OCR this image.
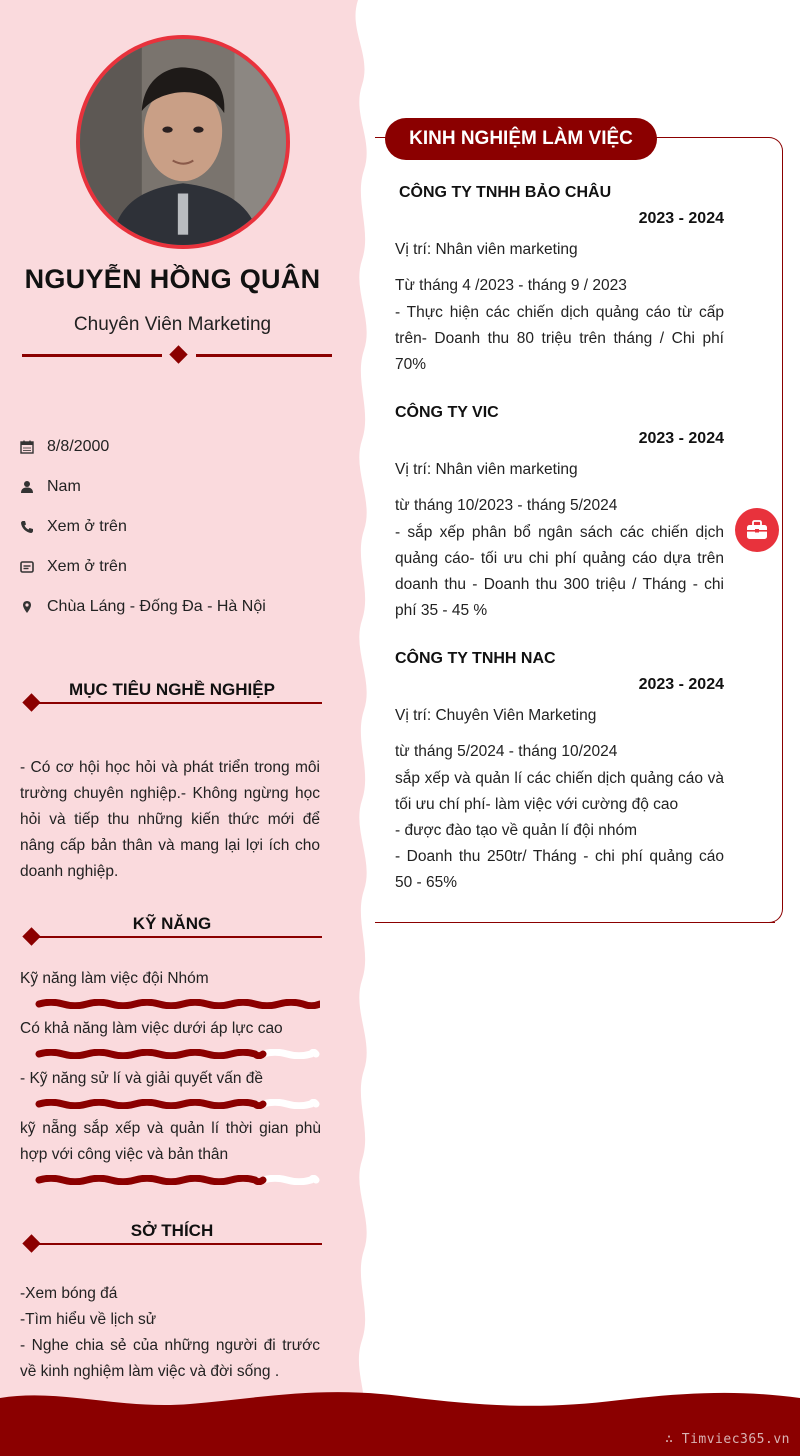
NGUYỄN HỒNG QUÂN
Chuyên Viên Marketing
8/8/2000
Nam
Xem ở trên
Xem ở trên
Chùa Láng - Đống Đa - Hà Nội
MỤC TIÊU NGHỀ NGHIỆP
- Có cơ hội học hỏi và phát triển trong môi trường chuyên nghiệp.- Không ngừng học hỏi và tiếp thu những kiến thức mới để nâng cấp bản thân và mang lại lợi ích cho doanh nghiệp.
KỸ NĂNG
Kỹ năng làm việc đội Nhóm
Có khả năng làm việc dưới áp lực cao
- Kỹ năng sử lí và giải quyết vấn đề
kỹ nẵng sắp xếp và quản lí thời gian phù hợp với công việc và bản thân
SỞ THÍCH
-Xem bóng đá
-Tìm hiểu về lịch sử
- Nghe chia sẻ của những người đi trước về kinh nghiệm làm việc và đời sống .
KINH NGHIỆM LÀM VIỆC
CÔNG TY TNHH BẢO CHÂU
2023 - 2024
Vị trí: Nhân viên marketing
Từ tháng 4 /2023 - tháng 9 / 2023
- Thực hiện các chiến dịch quảng cáo từ cấp trên- Doanh thu 80 triệu trên tháng / Chi phí 70%
CÔNG TY VIC
2023 - 2024
Vị trí: Nhân viên marketing
từ tháng 10/2023 - tháng 5/2024
- sắp xếp phân bổ ngân sách các chiến dịch quảng cáo- tối ưu chi phí quảng cáo dựa trên doanh thu - Doanh thu 300 triệu / Tháng - chi phí 35 - 45 %
CÔNG TY TNHH NAC
2023 - 2024
Vị trí: Chuyên Viên Marketing
từ tháng 5/2024 - tháng 10/2024
sắp xếp và quản lí các chiến dịch quảng cáo và tối ưu chí phí- làm việc với cường độ cao
- được đào tạo về quản lí đội nhóm
- Doanh thu 250tr/ Tháng - chi phí quảng cáo 50 - 65%
∴ Timviec365.vn
